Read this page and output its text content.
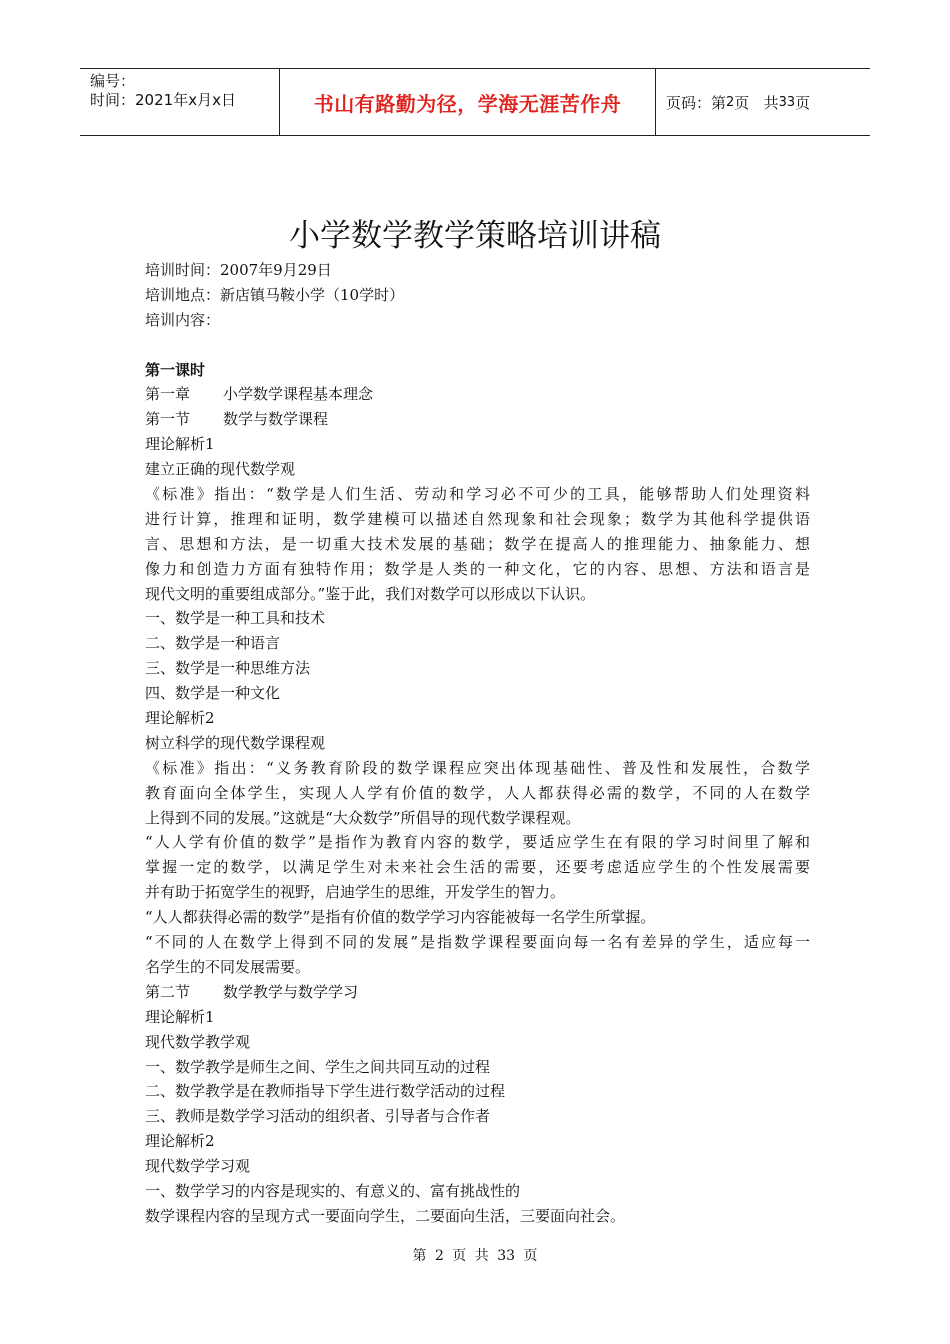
编号：
时间：2021年x月x日	书山有路勤为径，学海无涯苦作舟	页码：第 2 页   共 33 页
小学数学教学策略培训讲稿
培训时间：2007年9月29日
培训地点：新店镇马鞍小学（10学时）
培训内容：
第一课时
第一章 小学数学课程基本理念
第一节 数学与数学课程
理论解析1
建立正确的现代数学观
《标准》指出：“数学是人们生活、劳动和学习必不可少的工具，能够帮助人们处理资料
进行计算，推理和证明，数学建模可以描述自然现象和社会现象；数学为其他科学提供语
言、思想和方法，是一切重大技术发展的基础；数学在提高人的推理能力、抽象能力、想
像力和创造力方面有独特作用；数学是人类的一种文化，它的内容、思想、方法和语言是
现代文明的重要组成部分。”鉴于此，我们对数学可以形成以下认识。
一、数学是一种工具和技术
二、数学是一种语言
三、数学是一种思维方法
四、数学是一种文化
理论解析2
树立科学的现代数学课程观
《标准》指出：“义务教育阶段的数学课程应突出体现基础性、普及性和发展性，合数学
教育面向全体学生，实现人人学有价值的数学，人人都获得必需的数学，不同的人在数学
上得到不同的发展。”这就是“大众数学”所倡导的现代数学课程观。
“人人学有价值的数学”是指作为教育内容的数学，要适应学生在有限的学习时间里了解和
掌握一定的数学，以满足学生对未来社会生活的需要，还要考虑适应学生的个性发展需要
并有助于拓宽学生的视野，启迪学生的思维，开发学生的智力。
“人人都获得必需的数学”是指有价值的数学学习内容能被每一名学生所掌握。
“不同的人在数学上得到不同的发展”是指数学课程要面向每一名有差异的学生，适应每一
名学生的不同发展需要。
第二节 数学教学与数学学习
理论解析1
现代数学教学观
一、数学教学是师生之间、学生之间共同互动的过程
二、数学教学是在教师指导下学生进行数学活动的过程
三、教师是数学学习活动的组织者、引导者与合作者
理论解析2
现代数学学习观
一、数学学习的内容是现实的、有意义的、富有挑战性的
数学课程内容的呈现方式一要面向学生，二要面向生活，三要面向社会。
第 2 页 共 33 页
